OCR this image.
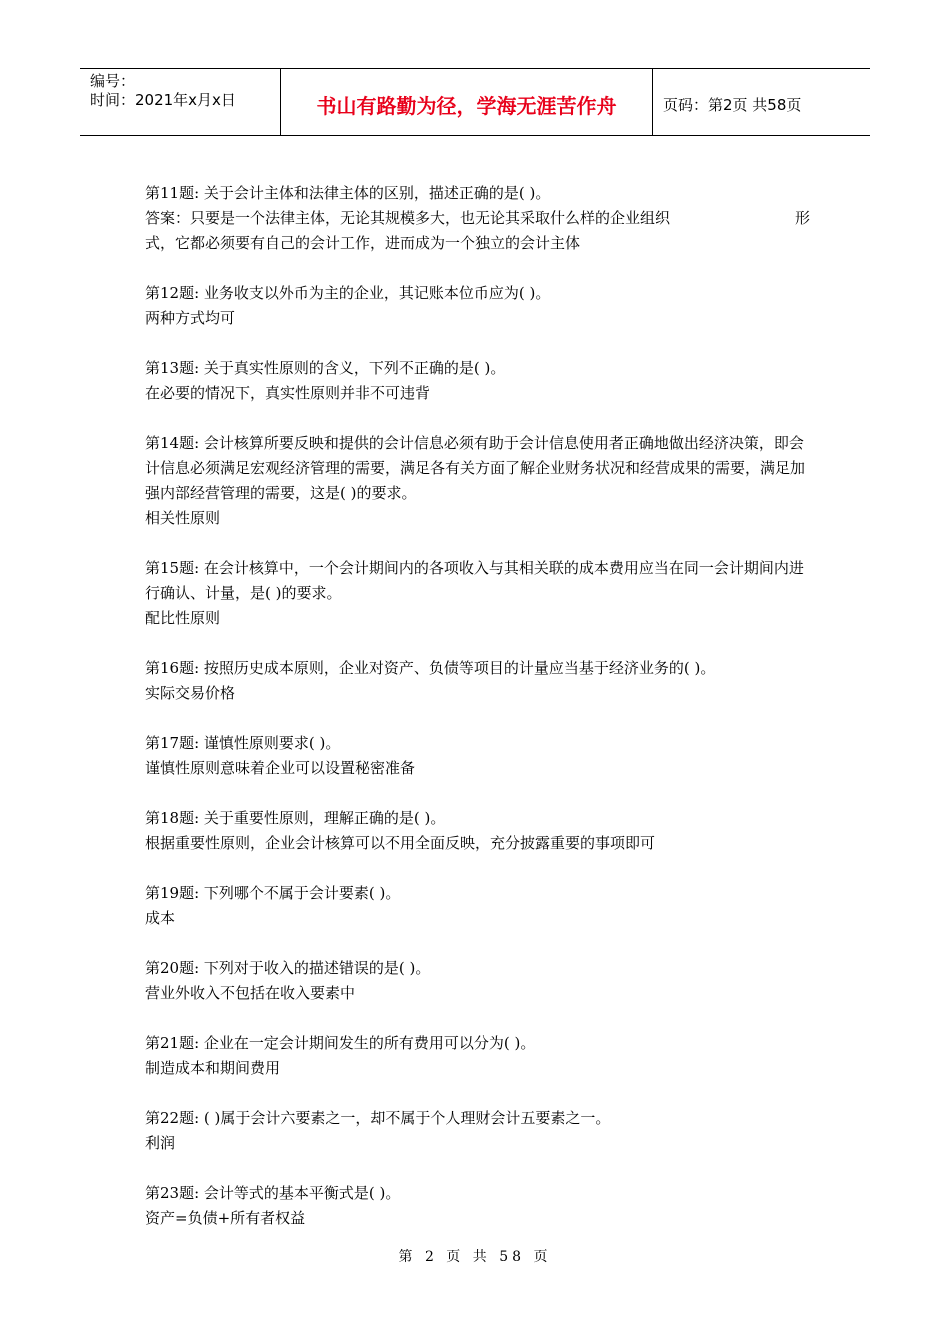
编号：
时间：2021年x月x日	书山有路勤为径，学海无涯苦作舟	页码：第2页 共58页

第11题: 关于会计主体和法律主体的区别，描述正确的是( )。

答案：只要是一个法律主体，无论其规模多大，也无论其采取什么样的企业组织	形

式，它都必须要有自己的会计工作，进而成为一个独立的会计主体

第12题: 业务收支以外币为主的企业，其记账本位币应为( )。

两种方式均可

第13题: 关于真实性原则的含义，下列不正确的是( )。

在必要的情况下，真实性原则并非不可违背

第14题: 会计核算所要反映和提供的会计信息必须有助于会计信息使用者正确地做出经济决策，即会计信息必须满足宏观经济管理的需要，满足各有关方面了解企业财务状况和经营成果的需要，满足加强内部经营管理的需要，这是( )的要求。

相关性原则

第15题: 在会计核算中，一个会计期间内的各项收入与其相关联的成本费用应当在同一会计期间内进行确认、计量，是( )的要求。

配比性原则

第16题: 按照历史成本原则，企业对资产、负债等项目的计量应当基于经济业务的( )。

实际交易价格

第17题: 谨慎性原则要求( )。

谨慎性原则意味着企业可以设置秘密准备

第18题: 关于重要性原则，理解正确的是( )。

根据重要性原则，企业会计核算可以不用全面反映，充分披露重要的事项即可

第19题: 下列哪个不属于会计要素( )。

成本

第20题: 下列对于收入的描述错误的是( )。

营业外收入不包括在收入要素中

第21题: 企业在一定会计期间发生的所有费用可以分为( )。

制造成本和期间费用

第22题: ( )属于会计六要素之一，却不属于个人理财会计五要素之一。

利润

第23题: 会计等式的基本平衡式是( )。

资产=负债+所有者权益

第 2 页 共 58 页
